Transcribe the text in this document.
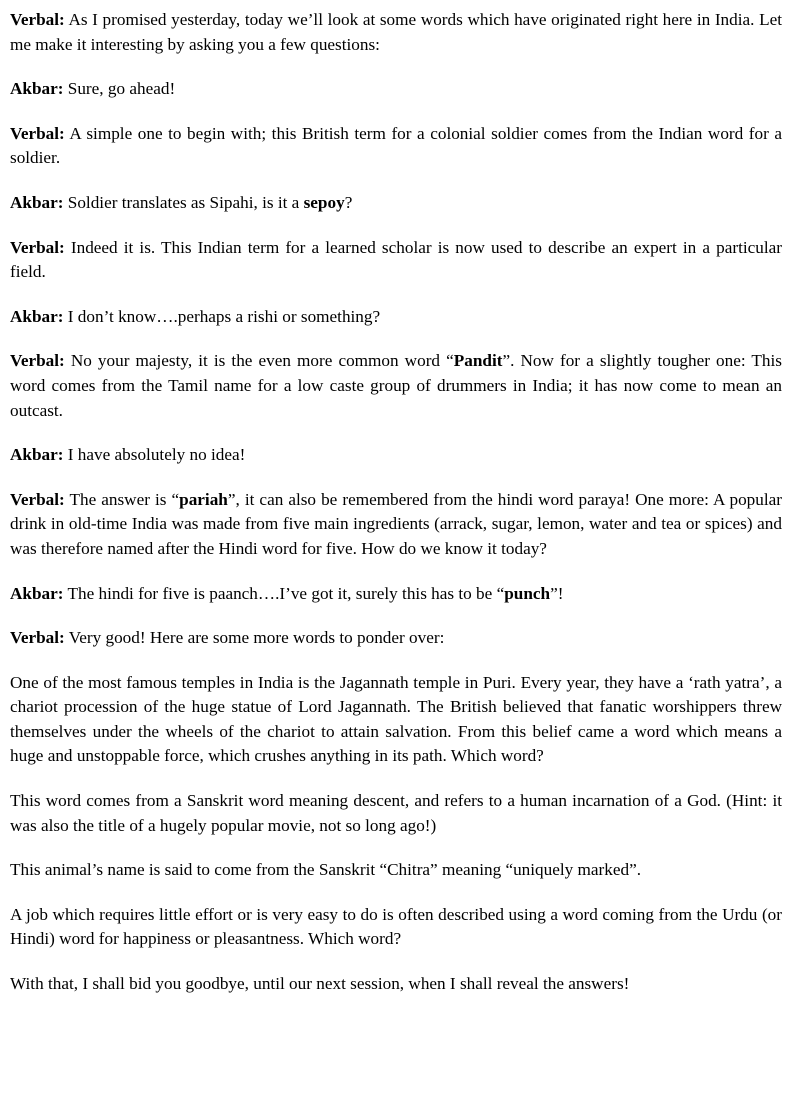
Verbal: As I promised yesterday, today we’ll look at some words which have originated right here in India. Let me make it interesting by asking you a few questions:

Akbar: Sure, go ahead!

Verbal: A simple one to begin with; this British term for a colonial soldier comes from the Indian word for a soldier.

Akbar: Soldier translates as Sipahi, is it a sepoy?

Verbal: Indeed it is. This Indian term for a learned scholar is now used to describe an expert in a particular field.

Akbar: I don’t know….perhaps a rishi or something?

Verbal: No your majesty, it is the even more common word “Pandit”. Now for a slightly tougher one: This word comes from the Tamil name for a low caste group of drummers in India; it has now come to mean an outcast.

Akbar: I have absolutely no idea!

Verbal: The answer is “pariah”, it can also be remembered from the hindi word paraya! One more: A popular drink in old-time India was made from five main ingredients (arrack, sugar, lemon, water and tea or spices) and was therefore named after the Hindi word for five. How do we know it today?

Akbar: The hindi for five is paanch….I’ve got it, surely this has to be “punch”!

Verbal: Very good! Here are some more words to ponder over:

One of the most famous temples in India is the Jagannath temple in Puri. Every year, they have a ‘rath yatra’, a chariot procession of the huge statue of Lord Jagannath. The British believed that fanatic worshippers threw themselves under the wheels of the chariot to attain salvation. From this belief came a word which means a huge and unstoppable force, which crushes anything in its path. Which word?

This word comes from a Sanskrit word meaning descent, and refers to a human incarnation of a God. (Hint: it was also the title of a hugely popular movie, not so long ago!)

This animal’s name is said to come from the Sanskrit “Chitra” meaning “uniquely marked”.

A job which requires little effort or is very easy to do is often described using a word coming from the Urdu (or Hindi) word for happiness or pleasantness. Which word?

With that, I shall bid you goodbye, until our next session, when I shall reveal the answers!
